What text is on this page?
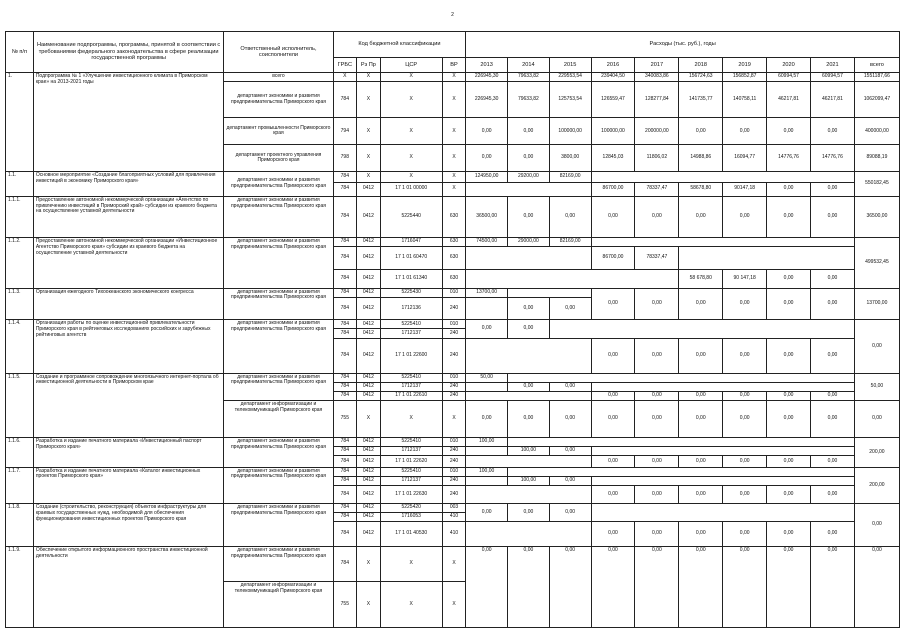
2
№ п/п	Наименование подпрограммы, программы, принятой в соответствии с требованиями федерального законодательства в сфере реализации государственной программы	Ответственный исполнитель, соисполнители	Код бюджетной классификации				Расходы (тыс. руб.), годы									
			ГРБС	Рз Пр	ЦСР	ВР	2013	2014	2015	2016	2017	2018	2019	2020	2021	всего
1.	Подпрограмма № 1 «Улучшение инвестиционного климата в Приморском крае» на 2013-2021 годы	всего	X	X	X	X	226945,30	79633,82	229553,54	239404,50	340083,86	156724,63	156852,87	60994,57	60994,57	1551187,66
		департамент экономики и развития предпринимательства Приморского края	784	X	X	X	226945,30	79633,82	125753,54	126559,47	128277,84	141735,77	140758,11	46217,81	46217,81	1062099,47
		департамент промышленности Приморского края	794	X	X	X	0,00	0,00	100000,00	100000,00	200000,00	0,00	0,00	0,00	0,00	400000,00
		департамент проектного управления Приморского края	798	X	X	X	0,00	0,00	3800,00	12845,03	11806,02	14988,86	16094,77	14776,76	14776,76	89088,19
1.1.	Основное мероприятие «Создание благоприятных условий для привлечения инвестиций в экономику Приморского края»	департамент экономики и развития предпринимательства Приморского края	784	X	X	X	124950,00	29200,00	82169,00							550182,45
			784	0412	17 1 01 00000	X				86700,00	78337,47	58678,80	90147,18	0,00	0,00	
1.1.1.	Предоставление автономной некоммерческой организации «Агентство по привлечению инвестиций в Приморский край» субсидии из краевого бюджета на осуществление уставной деятельности	департамент экономики и развития предпринимательства Приморского края	784	0412	5225440	630	36500,00	0,00	0,00	0,00	0,00	0,00	0,00	0,00	0,00	36500,00
1.1.2.	Предоставление автономной некоммерческой организации «Инвестиционное Агентство Приморского края» субсидии из краевого бюджета на осуществление уставной деятельности	департамент экономики и развития предпринимательства Приморского края	784	0412	1716047	630	74500,00	29000,00	82169,00							499532,45
			784	0412	17 1 01 60470	630				86700,00	78337,47					
			784	0412	17 1 01 61340	630						58 678,80	90 147,18	0,00	0,00	
1.1.3.	Организация ежегодного Тихоокеанского экономического конгресса	департамент экономики и развития предпринимательства Приморского края	784	0412	5225430	010	13700,00			0,00	0,00	0,00	0,00	0,00	0,00	13700,00
			784	0412	1712136	240		0,00	0,00							
1.1.4.	Организация работы по оценке инвестиционной привлекательности Приморского края в рейтинговых исследованиях российских и зарубежных рейтинговых агентств	департамент экономики и развития предпринимательства Приморского края	784	0412	5225410	010	0,00	0,00								0,00
			784	0412	1712137	240										
			784	0412	17 1 01 22600	240				0,00	0,00	0,00	0,00	0,00	0,00	
1.1.5.	Создание и программное сопровождение многоязычного интернет-портала об инвестиционной деятельности в Приморском крае	департамент экономики и развития предпринимательства Приморского края	784	0412	5225410	010	50,00									50,00
			784	0412	1712137	240		0,00	0,00							
			784	0412	17 1 01 22610	240				0,00	0,00	0,00	0,00	0,00	0,00	
		департамент информатизации и телекоммуникаций Приморского края	755	X	X	X	0,00	0,00	0,00	0,00	0,00	0,00	0,00	0,00	0,00	0,00
1.1.6.	Разработка и издание печатного материала «Инвестиционный паспорт Приморского края»	департамент экономики и развития предпринимательства Приморского края	784	0412	5225410	010	100,00									200,00
			784	0412	1712137	240		100,00	0,00							
			784	0412	17 1 01 22620	240				0,00	0,00	0,00	0,00	0,00	0,00	
1.1.7.	Разработка и издание печатного материала «Каталог инвестиционных проектов Приморского края»	департамент экономики и развития предпринимательства Приморского края	784	0412	5225410	010	100,00									200,00
			784	0412	1712137	240		100,00	0,00							
			784	0412	17 1 01 22630	240				0,00	0,00	0,00	0,00	0,00	0,00	
1.1.8.	Создание (строительство, реконструкция) объектов инфраструктуры для краевых государственных нужд, необходимой для обеспечения функционирования инвестиционных проектов Приморского края	департамент экономики и развития предпринимательства Приморского края	784	0412	5225420	003	0,00	0,00	0,00							0,00
			784	0412	1716053	410										
			784	0412	17 1 01 40530	410				0,00	0,00	0,00	0,00	0,00	0,00	
1.1.9.	Обеспечение открытого информационного пространства инвестиционной деятельности	департамент экономики и развития предпринимательства Приморского края	784	X	X	X	0,00	0,00	0,00	0,00	0,00	0,00	0,00	0,00	0,00	0,00
		департамент информатизации и телекоммуникаций Приморского края	755	X	X	X										
